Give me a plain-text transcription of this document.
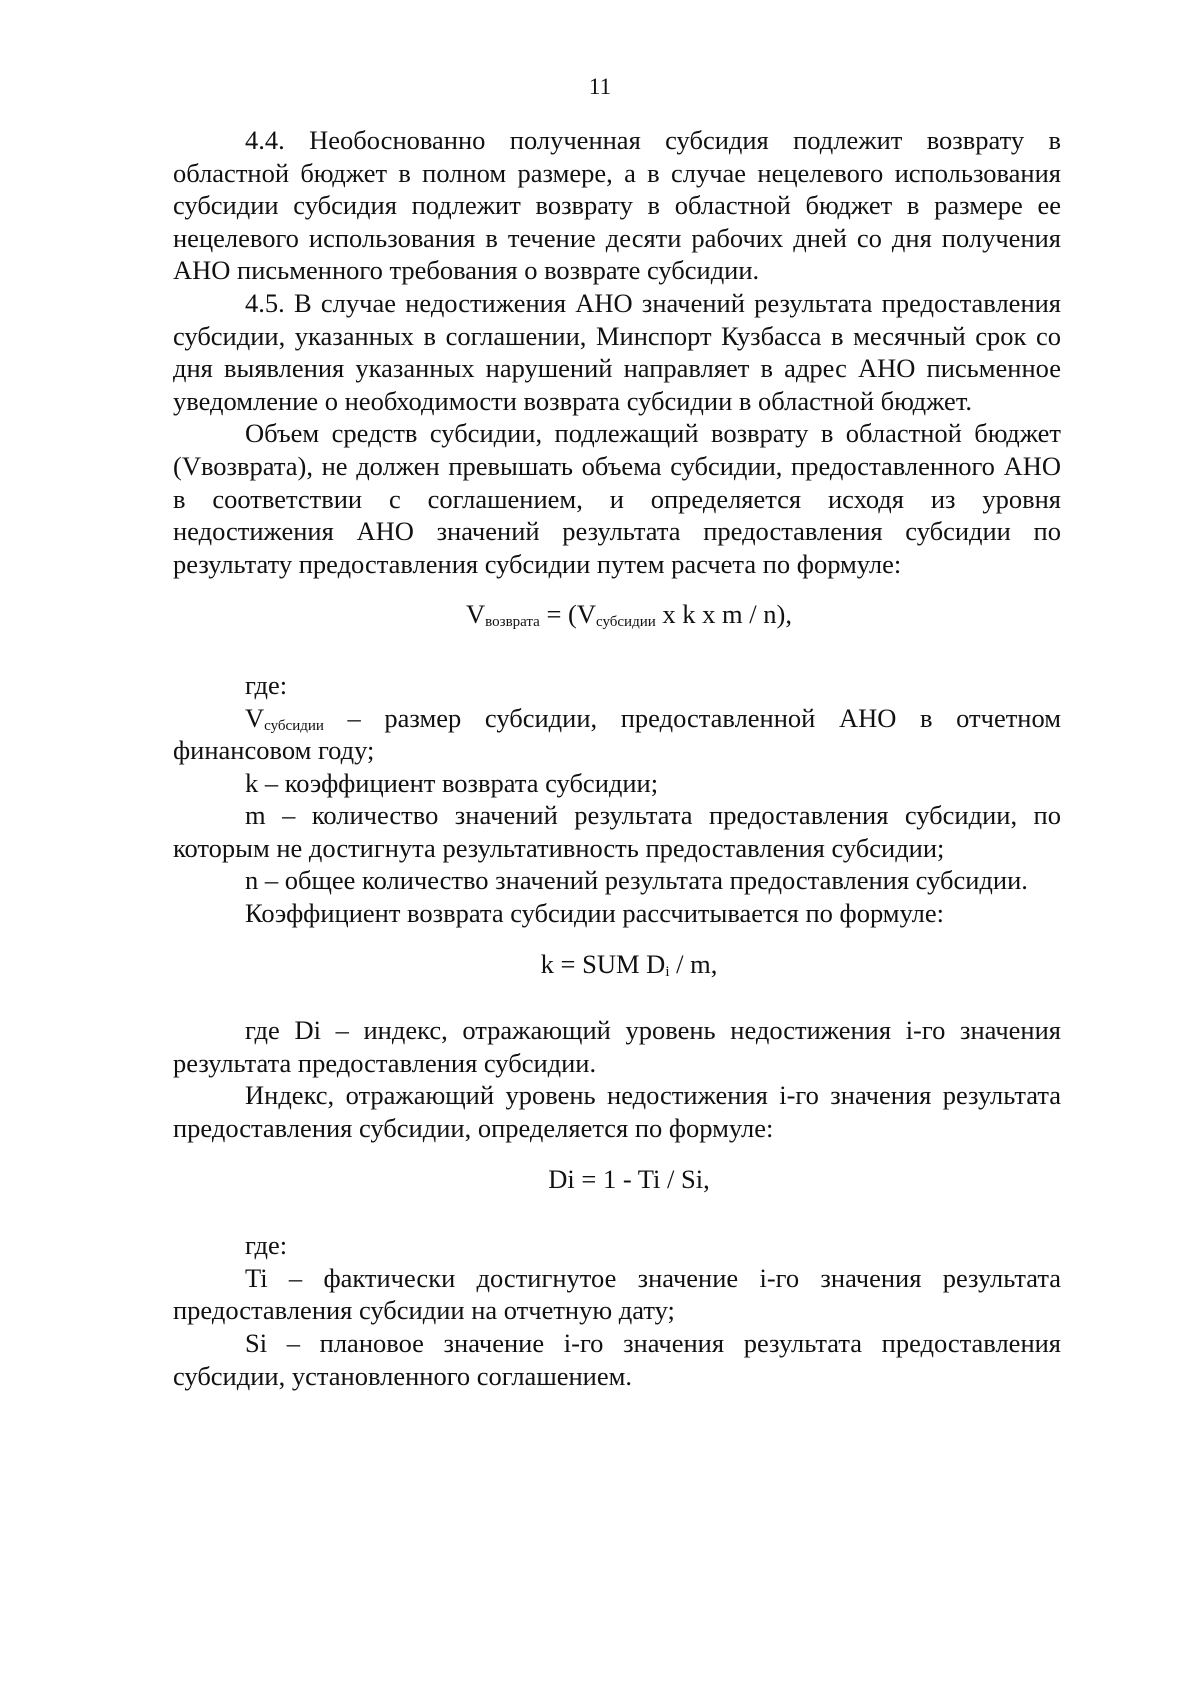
11

4.4. Необоснованно полученная субсидия подлежит возврату в областной бюджет в полном размере, а в случае нецелевого использования субсидии субсидия подлежит возврату в областной бюджет в размере ее нецелевого использования в течение десяти рабочих дней со дня получения АНО письменного требования о возврате субсидии.

4.5. В случае недостижения АНО значений результата предоставления субсидии, указанных в соглашении, Минспорт Кузбасса в месячный срок со дня выявления указанных нарушений направляет в адрес АНО письменное уведомление о необходимости возврата субсидии в областной бюджет.

Объем средств субсидии, подлежащий возврату в областной бюджет (Vвозврата), не должен превышать объема субсидии, предоставленного АНО в соответствии с соглашением, и определяется исходя из уровня недостижения АНО значений результата предоставления субсидии по результату предоставления субсидии путем расчета по формуле:

$V_{возврата} = (V_{субсидии}$ x k x m / n),

где:

$V_{субсидии}$ – размер субсидии, предоставленной АНО в отчетном финансовом году;

k – коэффициент возврата субсидии;

m – количество значений результата предоставления субсидии, по которым не достигнута результативность предоставления субсидии;

n – общее количество значений результата предоставления субсидии.

Коэффициент возврата субсидии рассчитывается по формуле:

k = SUM $D_i$ / m,

где Di – индекс, отражающий уровень недостижения i-го значения результата предоставления субсидии.

Индекс, отражающий уровень недостижения i-го значения результата предоставления субсидии, определяется по формуле:

Di = 1 - Ti / Si,

где:

Ti – фактически достигнутое значение i-го значения результата предоставления субсидии на отчетную дату;

Si – плановое значение i-го значения результата предоставления субсидии, установленного соглашением.
